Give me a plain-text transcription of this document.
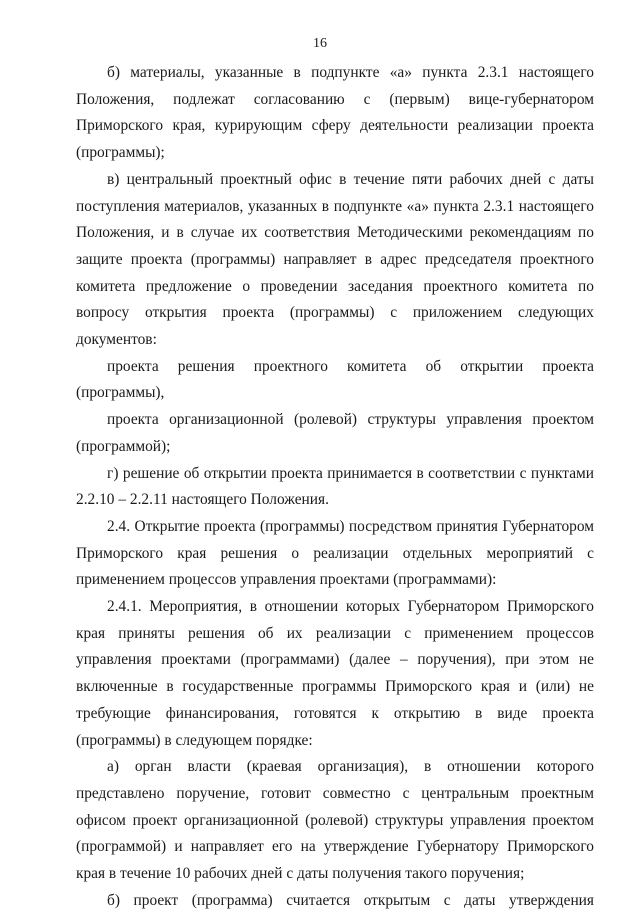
16

б) материалы, указанные в подпункте «а» пункта 2.3.1 настоящего Положения, подлежат согласованию с (первым) вице-губернатором Приморского края, курирующим сферу деятельности реализации проекта (программы);

в) центральный проектный офис в течение пяти рабочих дней с даты поступления материалов, указанных в подпункте «а» пункта 2.3.1 настоящего Положения, и в случае их соответствия Методическими рекомендациям по защите проекта (программы) направляет в адрес председателя проектного комитета предложение о проведении заседания проектного комитета по вопросу открытия проекта (программы) с приложением следующих документов:

проекта решения проектного комитета об открытии проекта (программы),

проекта организационной (ролевой) структуры управления проектом (программой);

г) решение об открытии проекта принимается в соответствии с пунктами 2.2.10 – 2.2.11 настоящего Положения.

2.4. Открытие проекта (программы) посредством принятия Губернатором Приморского края решения о реализации отдельных мероприятий с применением процессов управления проектами (программами):

2.4.1. Мероприятия, в отношении которых Губернатором Приморского края приняты решения об их реализации с применением процессов управления проектами (программами) (далее – поручения), при этом не включенные в государственные программы Приморского края и (или) не требующие финансирования, готовятся к открытию в виде проекта (программы) в следующем порядке:

а) орган власти (краевая организация), в отношении которого представлено поручение, готовит совместно с центральным проектным офисом проект организационной (ролевой) структуры управления проектом (программой) и направляет его на утверждение Губернатору Приморского края в течение 10 рабочих дней с даты получения такого поручения;

б) проект (программа) считается открытым с даты утверждения
